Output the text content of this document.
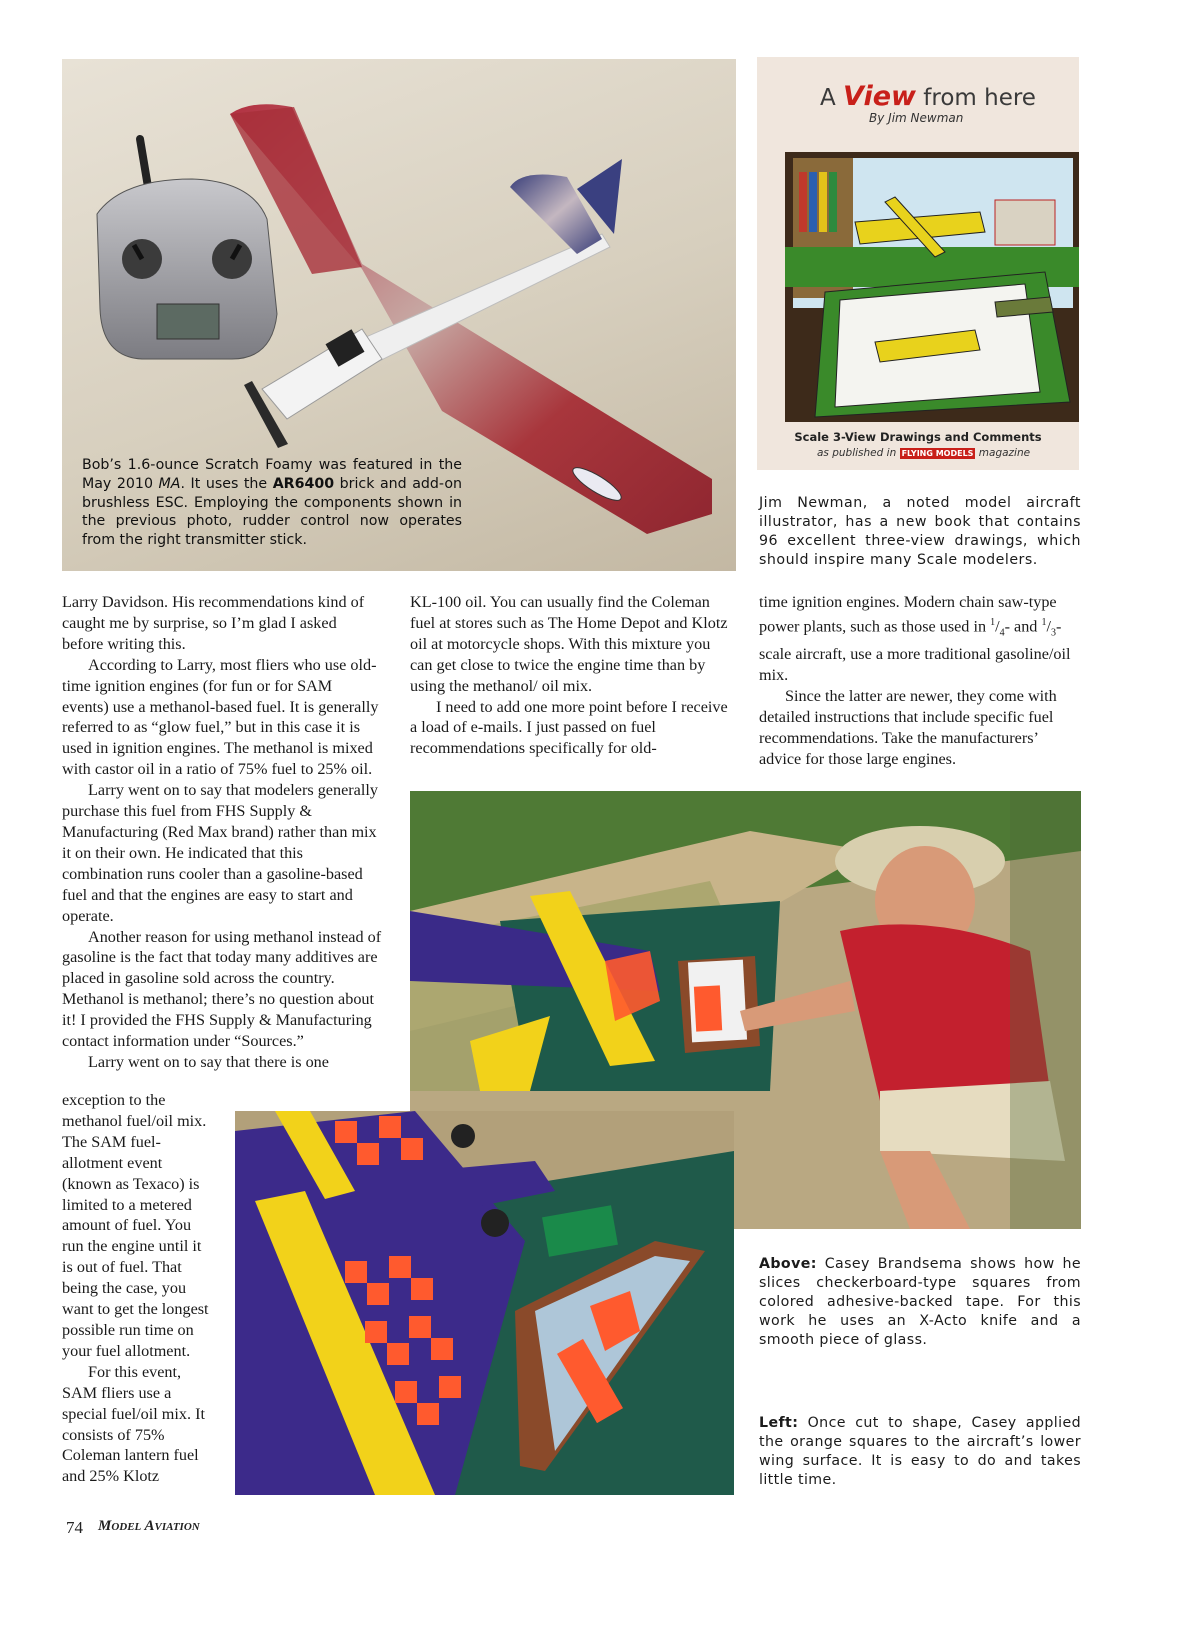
Bob’s 1.6-ounce Scratch Foamy was featured in the May 2010 MA. It uses the AR6400 brick and add-on brushless ESC. Employing the components shown in the previous photo, rudder control now operates from the right transmitter stick.
A View from here
By Jim Newman
Scale 3-View Drawings and Comments
as published in FLYING MODELS magazine
Jim Newman, a noted model aircraft illustrator, has a new book that contains 96 excellent three-view drawings, which should inspire many Scale modelers.

Larry Davidson. His recommendations kind of caught me by surprise, so I’m glad I asked before writing this.

According to Larry, most fliers who use old-time ignition engines (for fun or for SAM events) use a methanol-based fuel. It is generally referred to as “glow fuel,” but in this case it is used in ignition engines. The methanol is mixed with castor oil in a ratio of 75% fuel to 25% oil.

Larry went on to say that modelers generally purchase this fuel from FHS Supply & Manufacturing (Red Max brand) rather than mix it on their own. He indicated that this combination runs cooler than a gasoline-based fuel and that the engines are easy to start and operate.

Another reason for using methanol instead of gasoline is the fact that today many additives are placed in gasoline sold across the country. Methanol is methanol; there’s no question about it! I provided the FHS Supply & Manufacturing contact information under “Sources.”

Larry went on to say that there is one

exception to the methanol fuel/oil mix. The SAM fuel-allotment event (known as Texaco) is limited to a metered amount of fuel. You run the engine until it is out of fuel. That being the case, you want to get the longest possible run time on your fuel allotment.

For this event, SAM fliers use a special fuel/oil mix. It consists of 75% Coleman lantern fuel and 25% Klotz

KL-100 oil. You can usually find the Coleman fuel at stores such as The Home Depot and Klotz oil at motorcycle shops. With this mixture you can get close to twice the engine time than by using the methanol/ oil mix.

I need to add one more point before I receive a load of e-mails. I just passed on fuel recommendations specifically for old-

time ignition engines. Modern chain saw-type power plants, such as those used in $^1/_4-$ and $^1/_3$-scale aircraft, use a more traditional gasoline/oil mix.

Since the latter are newer, they come with detailed instructions that include specific fuel recommendations. Take the manufacturers’ advice for those large engines.

Above: Casey Brandsema shows how he slices checkerboard-type squares from colored adhesive-backed tape. For this work he uses an X-Acto knife and a smooth piece of glass.
Left: Once cut to shape, Casey applied the orange squares to the aircraft’s lower wing surface. It is easy to do and takes little time.
74 Model Aviation
